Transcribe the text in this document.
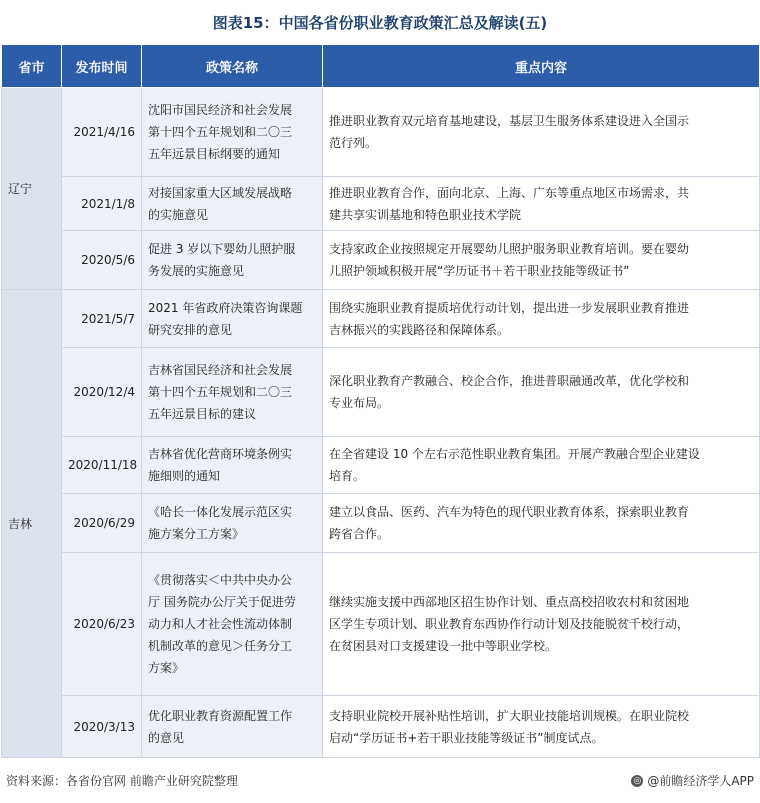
图表15：中国各省份职业教育政策汇总及解读(五)
省市	发布时间	政策名称	重点内容
辽宁	2021/4/16	沈阳市国民经济和社会发展
第十四个五年规划和二〇三
五年远景目标纲要的通知	推进职业教育双元培育基地建设，基层卫生服务体系建设进入全国示
范行列。
	2021/1/8	对接国家重大区域发展战略
的实施意见	推进职业教育合作，面向北京、上海、广东等重点地区市场需求，共
建共享实训基地和特色职业技术学院
	2020/5/6	促进 3 岁以下婴幼儿照护服
务发展的实施意见	支持家政企业按照规定开展婴幼儿照护服务职业教育培训。要在婴幼
儿照护领域积极开展“学历证书＋若干职业技能等级证书”
吉林	2021/5/7	2021 年省政府决策咨询课题
研究安排的意见	围绕实施职业教育提质培优行动计划，提出进一步发展职业教育推进
吉林振兴的实践路径和保障体系。
	2020/12/4	吉林省国民经济和社会发展
第十四个五年规划和二〇三
五年远景目标的建议	深化职业教育产教融合、校企合作，推进普职融通改革，优化学校和
专业布局。
	2020/11/18	吉林省优化营商环境条例实
施细则的通知	在全省建设 10 个左右示范性职业教育集团。开展产教融合型企业建设
培育。
	2020/6/29	《哈长一体化发展示范区实
施方案分工方案》	建立以食品、医药、汽车为特色的现代职业教育体系，探索职业教育
跨省合作。
	2020/6/23	《贯彻落实＜中共中央办公
厅 国务院办公厅关于促进劳
动力和人才社会性流动体制
机制改革的意见＞任务分工
方案》	继续实施支援中西部地区招生协作计划、重点高校招收农村和贫困地
区学生专项计划、职业教育东西协作行动计划及技能脱贫千校行动，
在贫困县对口支援建设一批中等职业学校。
	2020/3/13	优化职业教育资源配置工作
的意见	支持职业院校开展补贴性培训，扩大职业技能培训规模。在职业院校
启动“学历证书+若干职业技能等级证书”制度试点。
资料来源：各省份官网 前瞻产业研究院整理	◎ @前瞻经济学人APP
